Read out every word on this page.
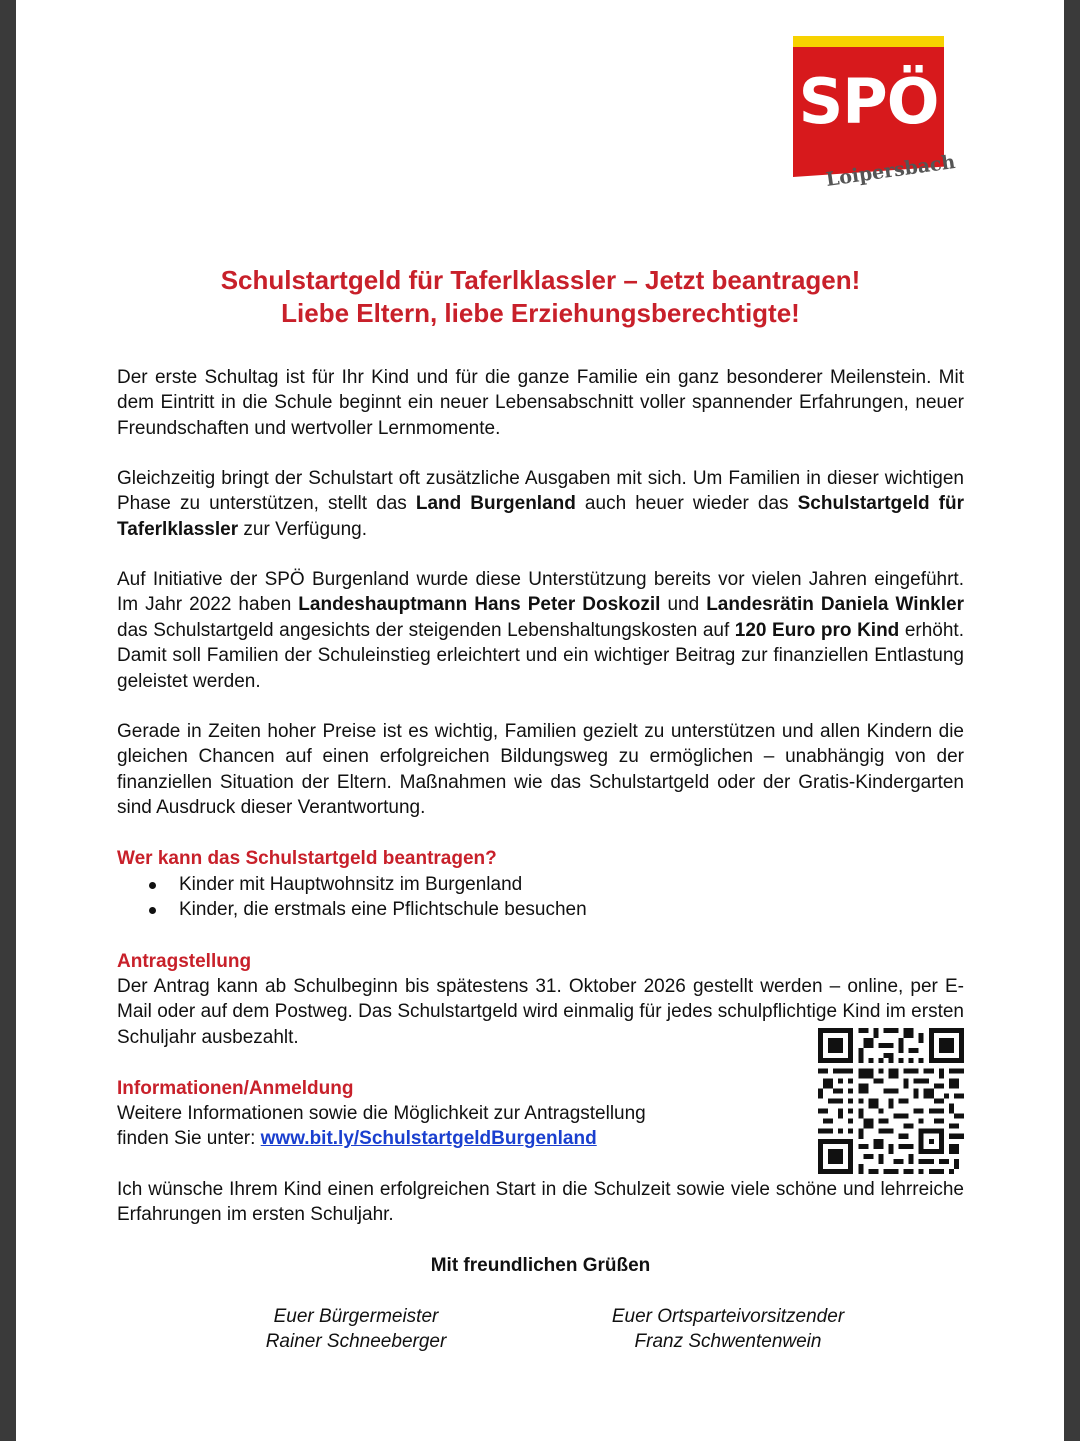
SPÖ
Loipersbach
Schulstartgeld für Taferlklassler – Jetzt beantragen!
Liebe Eltern, liebe Erziehungsberechtigte!

Der erste Schultag ist für Ihr Kind und für die ganze Familie ein ganz besonderer Meilenstein. Mit dem Eintritt in die Schule beginnt ein neuer Lebensabschnitt voller spannender Erfahrungen, neuer Freundschaften und wertvoller Lernmomente.

Gleichzeitig bringt der Schulstart oft zusätzliche Ausgaben mit sich. Um Familien in dieser wichtigen Phase zu unterstützen, stellt das Land Burgenland auch heuer wieder das Schulstartgeld für Taferlklassler zur Verfügung.

Auf Initiative der SPÖ Burgenland wurde diese Unterstützung bereits vor vielen Jahren eingeführt. Im Jahr 2022 haben Landeshauptmann Hans Peter Doskozil und Landesrätin Daniela Winkler das Schulstartgeld angesichts der steigenden Lebenshaltungskosten auf 120 Euro pro Kind erhöht. Damit soll Familien der Schuleinstieg erleichtert und ein wichtiger Beitrag zur finanziellen Entlastung geleistet werden.

Gerade in Zeiten hoher Preise ist es wichtig, Familien gezielt zu unterstützen und allen Kindern die gleichen Chancen auf einen erfolgreichen Bildungsweg zu ermöglichen – unabhängig von der finanziellen Situation der Eltern. Maßnahmen wie das Schulstartgeld oder der Gratis-Kindergarten sind Ausdruck dieser Verantwortung.

Wer kann das Schulstartgeld beantragen?
Kinder mit Hauptwohnsitz im Burgenland
Kinder, die erstmals eine Pflichtschule besuchen
Antragstellung

Der Antrag kann ab Schulbeginn bis spätestens 31. Oktober 2026 gestellt werden – online, per E-Mail oder auf dem Postweg. Das Schulstartgeld wird einmalig für jedes schulpflichtige Kind im ersten Schuljahr ausbezahlt.

Informationen/Anmeldung

Weitere Informationen sowie die Möglichkeit zur Antragstellung
finden Sie unter: www.bit.ly/SchulstartgeldBurgenland

Ich wünsche Ihrem Kind einen erfolgreichen Start in die Schulzeit sowie viele schöne und lehrreiche Erfahrungen im ersten Schuljahr.

Mit freundlichen Grüßen
Euer Bürgermeister
Rainer Schneeberger
Euer Ortsparteivorsitzender
Franz Schwentenwein
